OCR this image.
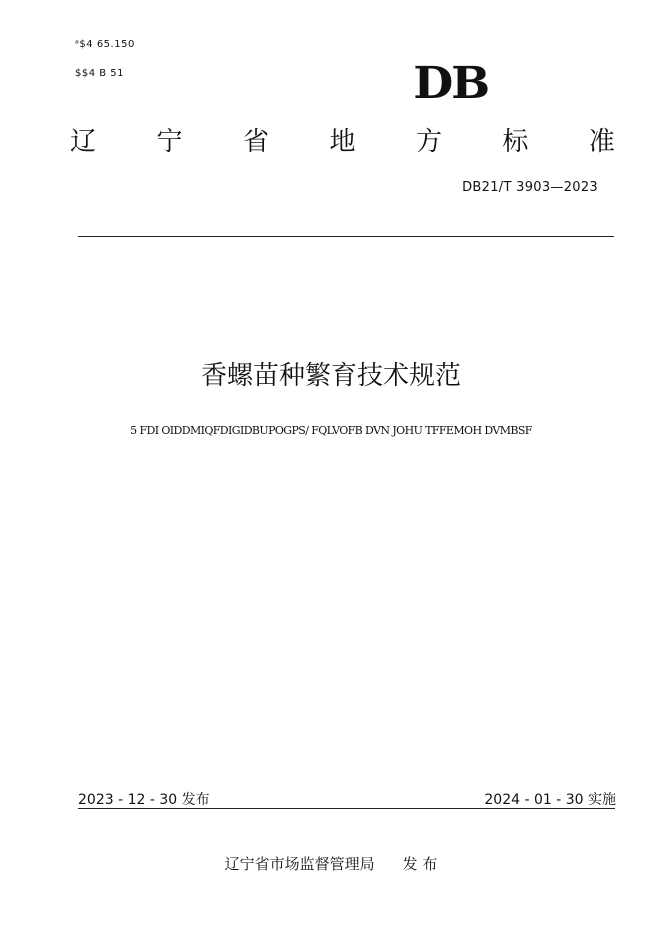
ᵃ$4 65.150
$$4 B 51	DB
辽 宁 省 地 方 标 准
DB21/T 3903—2023
香螺苗种繁育技术规范
5 FDI OIDDMIQFDIGIDBUPOGPS/ FQLVOFB DVN JOHU TFFEMOH DVMBSF
2023 - 12 - 30 发布	2024 - 01 - 30 实施
辽宁省市场监督管理局 发 布
